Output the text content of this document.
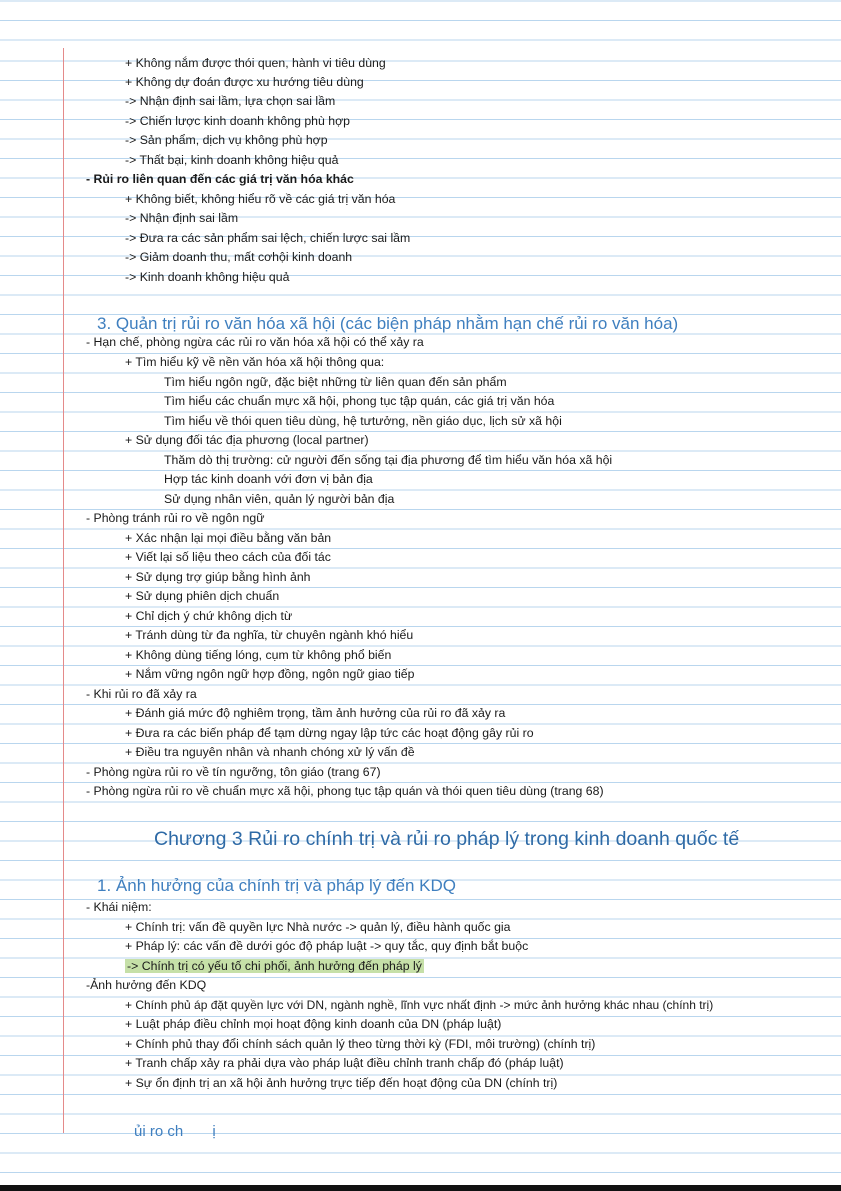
+ Không nắm được thói quen, hành vi tiêu dùng
+ Không dự đoán được xu hướng tiêu dùng
-> Nhận định sai lầm, lựa chọn sai lầm
-> Chiến lược kinh doanh không phù hợp
-> Sản phẩm, dịch vụ không phù hợp
-> Thất bại, kinh doanh không hiệu quả
- Rủi ro liên quan đến các giá trị văn hóa khác
+ Không biết, không hiểu rõ về các giá trị văn hóa
-> Nhận định sai lầm
-> Đưa ra các sản phẩm sai lệch, chiến lược sai lầm
-> Giảm doanh thu, mất cơhội kinh doanh
-> Kinh doanh không hiệu quả
3. Quản trị rủi ro văn hóa xã hội (các biện pháp nhằm hạn chế rủi ro văn hóa)
- Hạn chế, phòng ngừa các rủi ro văn hóa xã hội có thể xảy ra
+ Tìm hiểu kỹ về nền văn hóa xã hội thông qua:
Tìm hiểu ngôn ngữ, đặc biệt những từ liên quan đến sản phẩm
Tìm hiểu các chuẩn mực xã hội, phong tục tập quán, các giá trị văn hóa
Tìm hiểu về thói quen tiêu dùng, hệ tưtưởng, nền giáo dục, lịch sử xã hội
+ Sử dụng đối tác địa phương (local partner)
Thăm dò thị trường: cử người đến sống tại địa phương để tìm hiểu văn hóa xã hội
Hợp tác kinh doanh với đơn vị bản địa
Sử dụng nhân viên, quản lý người bản địa
- Phòng tránh rủi ro về ngôn ngữ
+ Xác nhận lại mọi điều bằng văn bản
+ Viết lại số liệu theo cách của đối tác
+ Sử dụng trợ giúp bằng hình ảnh
+ Sử dụng phiên dịch chuẩn
+ Chỉ dịch ý chứ không dịch từ
+ Tránh dùng từ đa nghĩa, từ chuyên ngành khó hiểu
+ Không dùng tiếng lóng, cụm từ không phổ biến
+ Nắm vững ngôn ngữ hợp đồng, ngôn ngữ giao tiếp
- Khi rủi ro đã xảy ra
+ Đánh giá mức độ nghiêm trọng, tầm ảnh hưởng của rủi ro đã xảy ra
+ Đưa ra các biến pháp để tạm dừng ngay lập tức các hoạt động gây rủi ro
+ Điều tra nguyên nhân và nhanh chóng xử lý vấn đề
- Phòng ngừa rủi ro về tín ngưỡng, tôn giáo (trang 67)
- Phòng ngừa rủi ro về chuẩn mực xã hội, phong tục tập quán và thói quen tiêu dùng (trang 68)
Chương 3 Rủi ro chính trị và rủi ro pháp lý trong kinh doanh quốc tế
1. Ảnh hưởng của chính trị và pháp lý đến KDQ
- Khái niệm:
+ Chính trị: vấn đề quyền lực Nhà nước -> quản lý, điều hành quốc gia
+ Pháp lý: các vấn đề dưới góc độ pháp luật -> quy tắc, quy định bắt buộc
-> Chính trị có yếu tố chi phối, ảnh hưởng đến pháp lý
-Ảnh hưởng đến KDQ
+ Chính phủ áp đặt quyền lực với DN, ngành nghề, lĩnh vực nhất định -> mức ảnh hưởng khác nhau (chính trị)
+ Luật pháp điều chỉnh mọi hoạt động kinh doanh của DN (pháp luật)
+ Chính phủ thay đổi chính sách quản lý theo từng thời kỳ (FDI, môi trường) (chính trị)
+ Tranh chấp xảy ra phải dựa vào pháp luật điều chỉnh tranh chấp đó (pháp luật)
+ Sự ổn định trị an xã hội ảnh hưởng trực tiếp đến hoạt động của DN (chính trị)
ủi ro ch       ị
